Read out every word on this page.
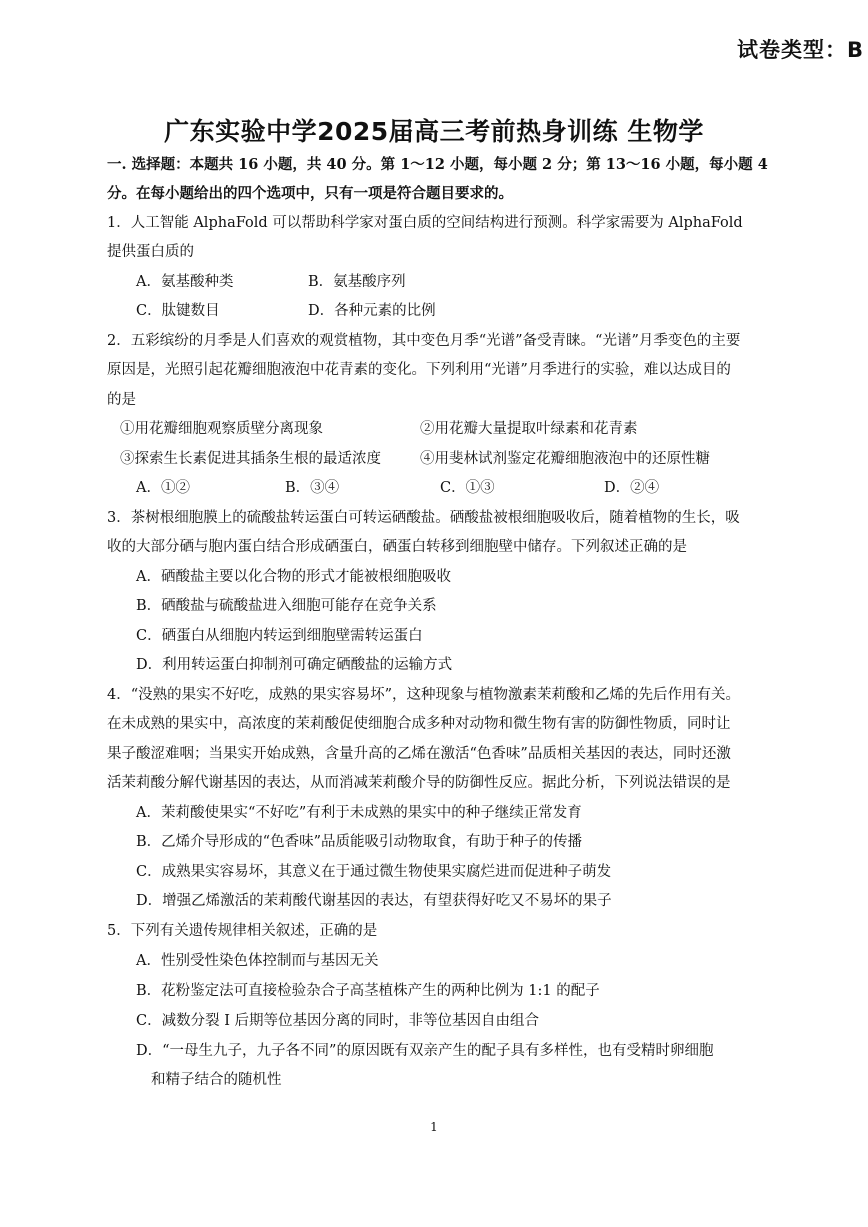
试卷类型：B
广东实验中学2025届高三考前热身训练 生物学
一. 选择题：本题共 16 小题，共 40 分。第 1～12 小题，每小题 2 分；第 13～16 小题，每小题 4
分。在每小题给出的四个选项中，只有一项是符合题目要求的。
1．人工智能 AlphaFold 可以帮助科学家对蛋白质的空间结构进行预测。科学家需要为 AlphaFold
提供蛋白质的
A．氨基酸种类	B．氨基酸序列
C．肽键数目	D．各种元素的比例
2．五彩缤纷的月季是人们喜欢的观赏植物，其中变色月季“光谱”备受青睐。“光谱”月季变色的主要
原因是，光照引起花瓣细胞液泡中花青素的变化。下列利用“光谱”月季进行的实验，难以达成目的
的是
①用花瓣细胞观察质壁分离现象	②用花瓣大量提取叶绿素和花青素
③探索生长素促进其插条生根的最适浓度	④用斐林试剂鉴定花瓣细胞液泡中的还原性糖
A．①②	B．③④	C．①③	D．②④
3．茶树根细胞膜上的硫酸盐转运蛋白可转运硒酸盐。硒酸盐被根细胞吸收后，随着植物的生长，吸
收的大部分硒与胞内蛋白结合形成硒蛋白，硒蛋白转移到细胞壁中储存。下列叙述正确的是
A．硒酸盐主要以化合物的形式才能被根细胞吸收
B．硒酸盐与硫酸盐进入细胞可能存在竞争关系
C．硒蛋白从细胞内转运到细胞壁需转运蛋白
D．利用转运蛋白抑制剂可确定硒酸盐的运输方式
4．“没熟的果实不好吃，成熟的果实容易坏”，这种现象与植物激素茉莉酸和乙烯的先后作用有关。
在未成熟的果实中，高浓度的茉莉酸促使细胞合成多种对动物和微生物有害的防御性物质，同时让
果子酸涩难咽；当果实开始成熟，含量升高的乙烯在激活“色香味”品质相关基因的表达，同时还激
活茉莉酸分解代谢基因的表达，从而消减茉莉酸介导的防御性反应。据此分析，下列说法错误的是
A．茉莉酸使果实“不好吃”有利于未成熟的果实中的种子继续正常发育
B．乙烯介导形成的“色香味”品质能吸引动物取食，有助于种子的传播
C．成熟果实容易坏，其意义在于通过微生物使果实腐烂进而促进种子萌发
D．增强乙烯激活的茉莉酸代谢基因的表达，有望获得好吃又不易坏的果子
5．下列有关遗传规律相关叙述，正确的是
A．性别受性染色体控制而与基因无关
B．花粉鉴定法可直接检验杂合子高茎植株产生的两种比例为 1:1 的配子
C．减数分裂 I 后期等位基因分离的同时，非等位基因自由组合
D．“一母生九子，九子各不同”的原因既有双亲产生的配子具有多样性，也有受精时卵细胞
和精子结合的随机性
1
